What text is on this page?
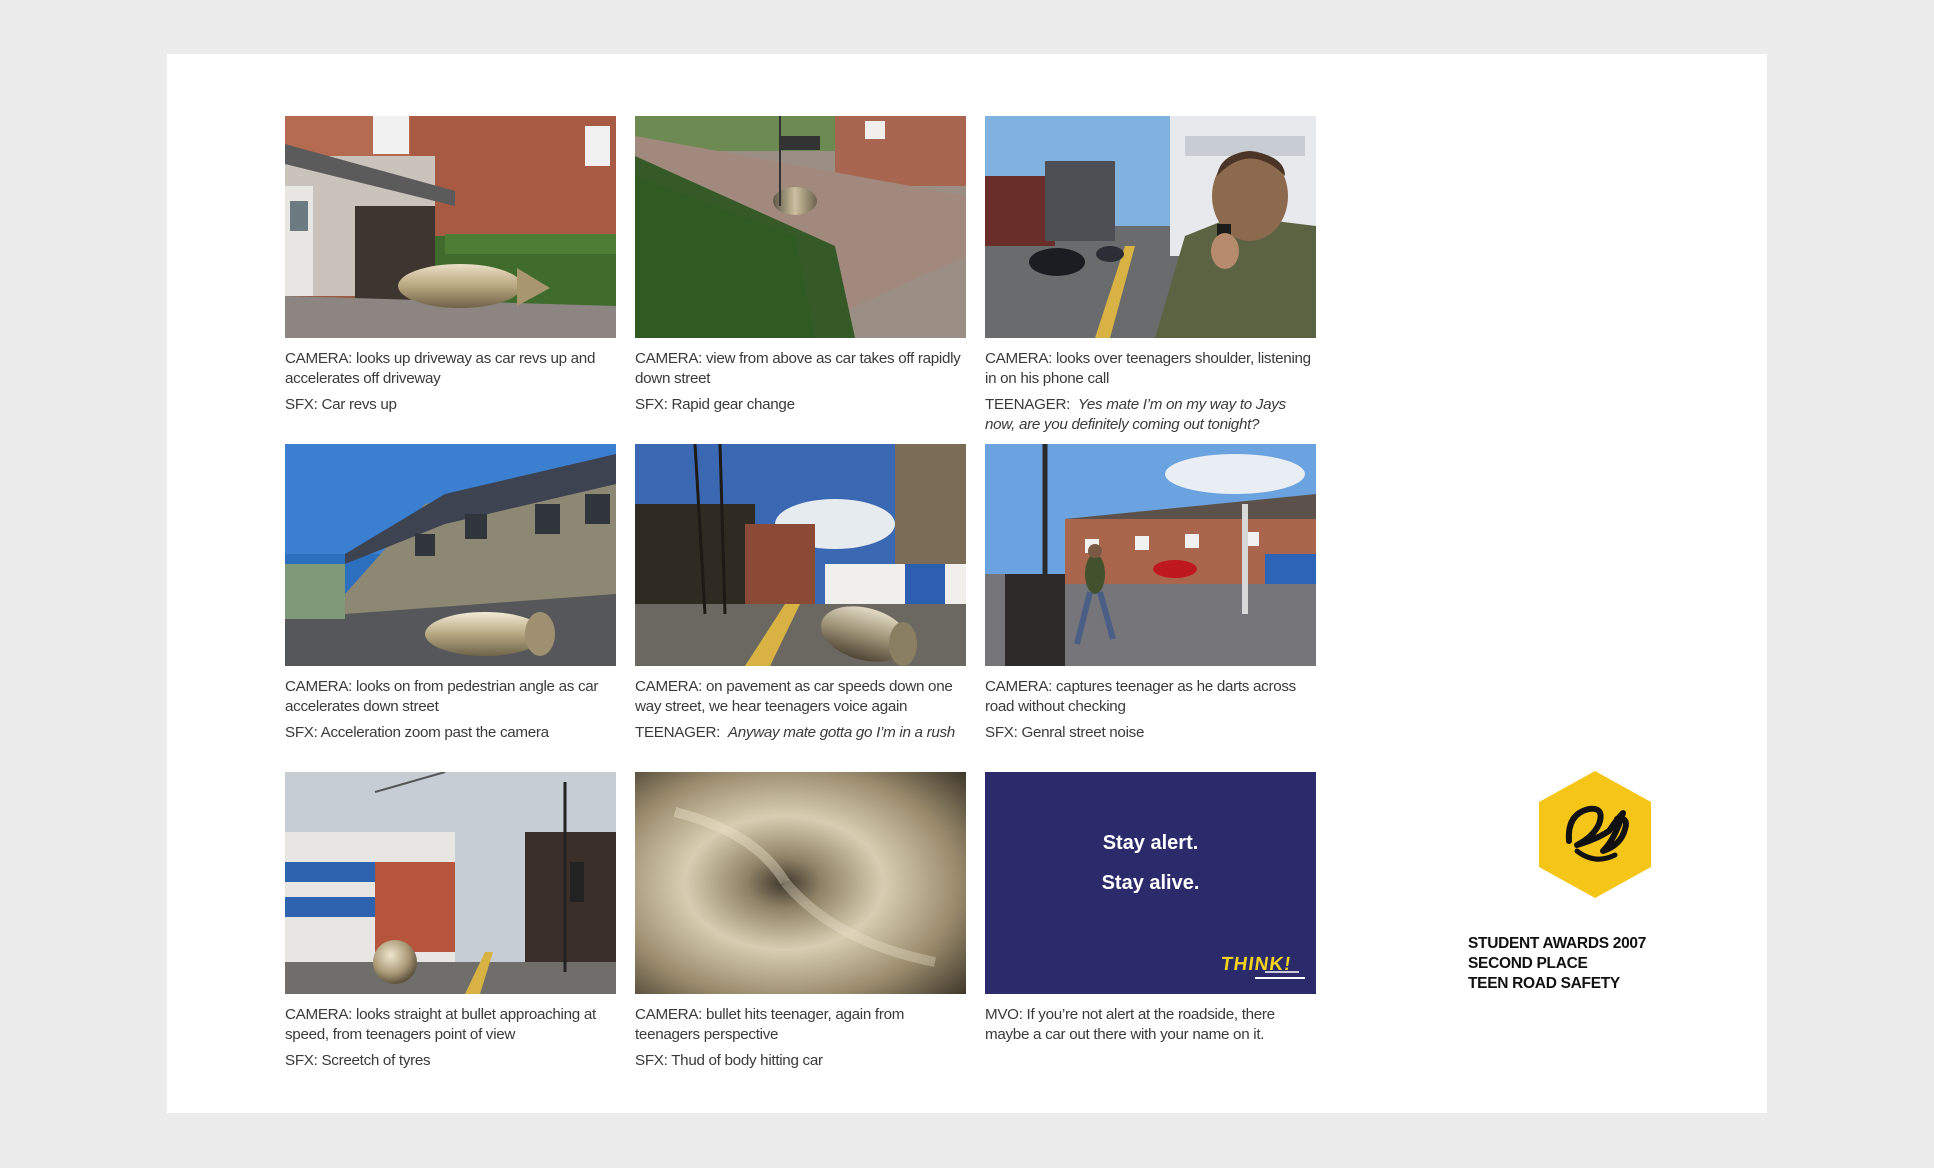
CAMERA: looks up driveway as car revs up and accelerates off driveway
SFX: Car revs up
CAMERA: view from above as car takes off rapidly down street
SFX: Rapid gear change
CAMERA: looks over teenagers shoulder, listening in on his phone call
TEENAGER: Yes mate I’m on my way to Jays now, are you definitely coming out tonight?
CAMERA: looks on from pedestrian angle as car accelerates down street
SFX: Acceleration zoom past the camera
CAMERA: on pavement as car speeds down one way street, we hear teenagers voice again
TEENAGER: Anyway mate gotta go I’m in a rush
CAMERA: captures teenager as he darts across road without checking
SFX: Genral street noise
CAMERA: looks straight at bullet approaching at speed, from teenagers point of view
SFX: Screetch of tyres
CAMERA: bullet hits teenager, again from teenagers perspective
SFX: Thud of body hitting car
Stay alert.
Stay alive.
THINK!
MVO: If you’re not alert at the roadside, there maybe a car out there with your name on it.
STUDENT AWARDS 2007
SECOND PLACE
TEEN ROAD SAFETY
